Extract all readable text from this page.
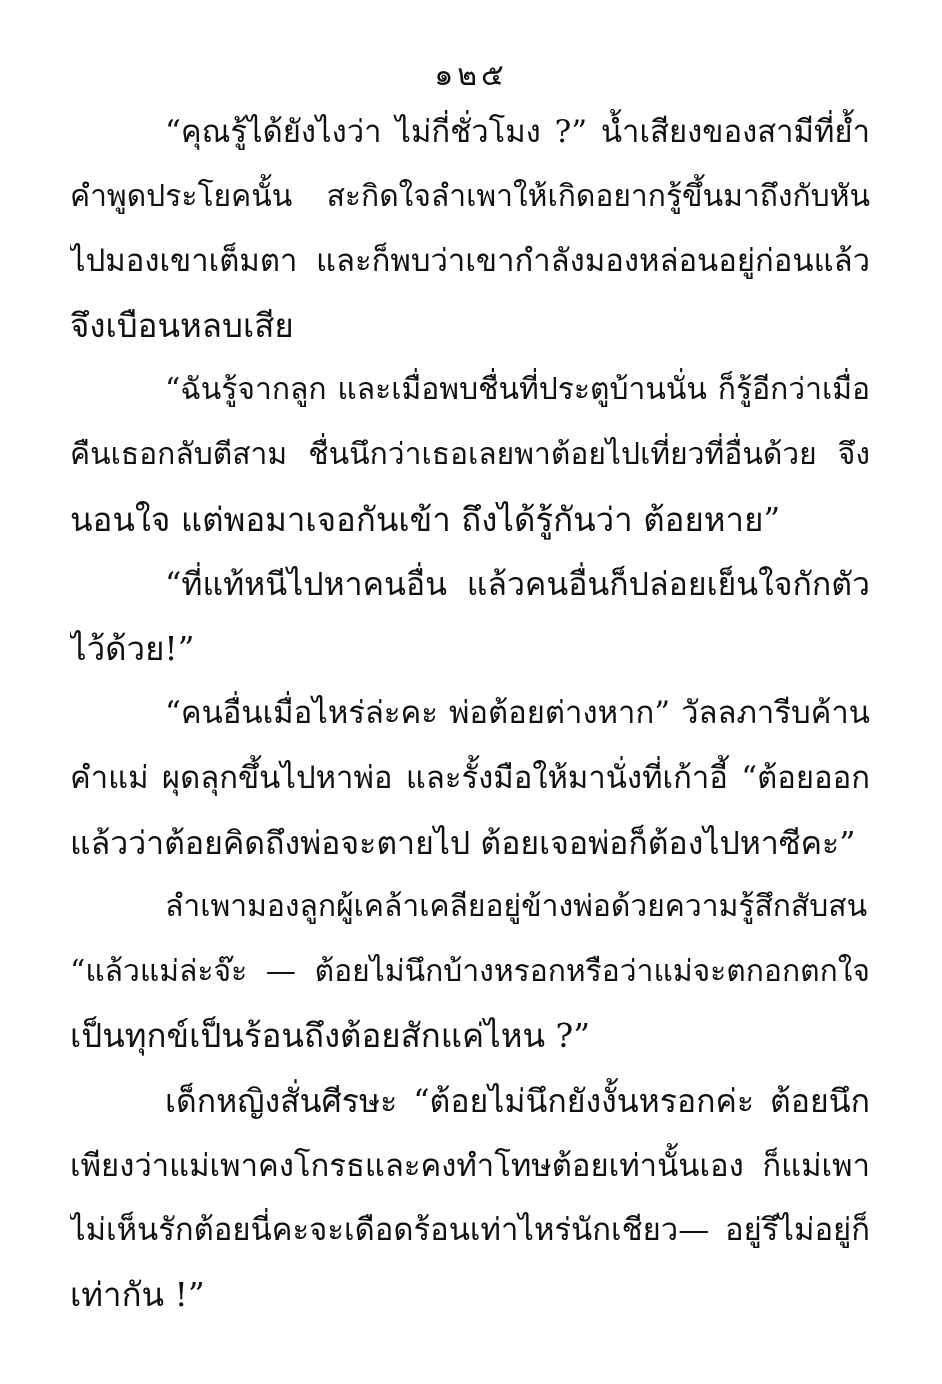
๑๒๕
“คุณรู้ได้ยังไงว่า ไม่กี่ชั่วโมง ?” น้ำเสียงของสามีที่ย้ำ
คำพูดประโยคนั้น สะกิดใจลำเพาให้เกิดอยากรู้ขึ้นมาถึงกับหัน
ไปมองเขาเต็มตา และก็พบว่าเขากำลังมองหล่อนอยู่ก่อนแล้ว
จึงเบือนหลบเสีย
“ฉันรู้จากลูก และเมื่อพบชื่นที่ประตูบ้านนั่น ก็รู้อีกว่าเมื่อ
คืนเธอกลับตีสาม ชื่นนึกว่าเธอเลยพาต้อยไปเที่ยวที่อื่นด้วย จึง
นอนใจ แต่พอมาเจอกันเข้า ถึงได้รู้กันว่า ต้อยหาย”
“ที่แท้หนีไปหาคนอื่น แล้วคนอื่นก็ปล่อยเย็นใจกักตัว
ไว้ด้วย!”
“คนอื่นเมื่อไหร่ล่ะคะ พ่อต้อยต่างหาก” วัลลภารีบค้าน
คำแม่ ผุดลุกขึ้นไปหาพ่อ และรั้งมือให้มานั่งที่เก้าอี้ “ต้อยออก
แล้วว่าต้อยคิดถึงพ่อจะตายไป ต้อยเจอพ่อก็ต้องไปหาซีคะ”
ลำเพามองลูกผู้เคล้าเคลียอยู่ข้างพ่อด้วยความรู้สึกสับสน
“แล้วแม่ล่ะจ๊ะ — ต้อยไม่นึกบ้างหรอกหรือว่าแม่จะตกอกตกใจ
เป็นทุกข์เป็นร้อนถึงต้อยสักแค่ไหน ?”
เด็กหญิงสั่นศีรษะ “ต้อยไม่นึกยังงั้นหรอกค่ะ ต้อยนึก
เพียงว่าแม่เพาคงโกรธและคงทำโทษต้อยเท่านั้นเอง ก็แม่เพา
ไม่เห็นรักต้อยนี่คะจะเดือดร้อนเท่าไหร่นักเชียว— อยู่รึไม่อยู่ก็
เท่ากัน !”
